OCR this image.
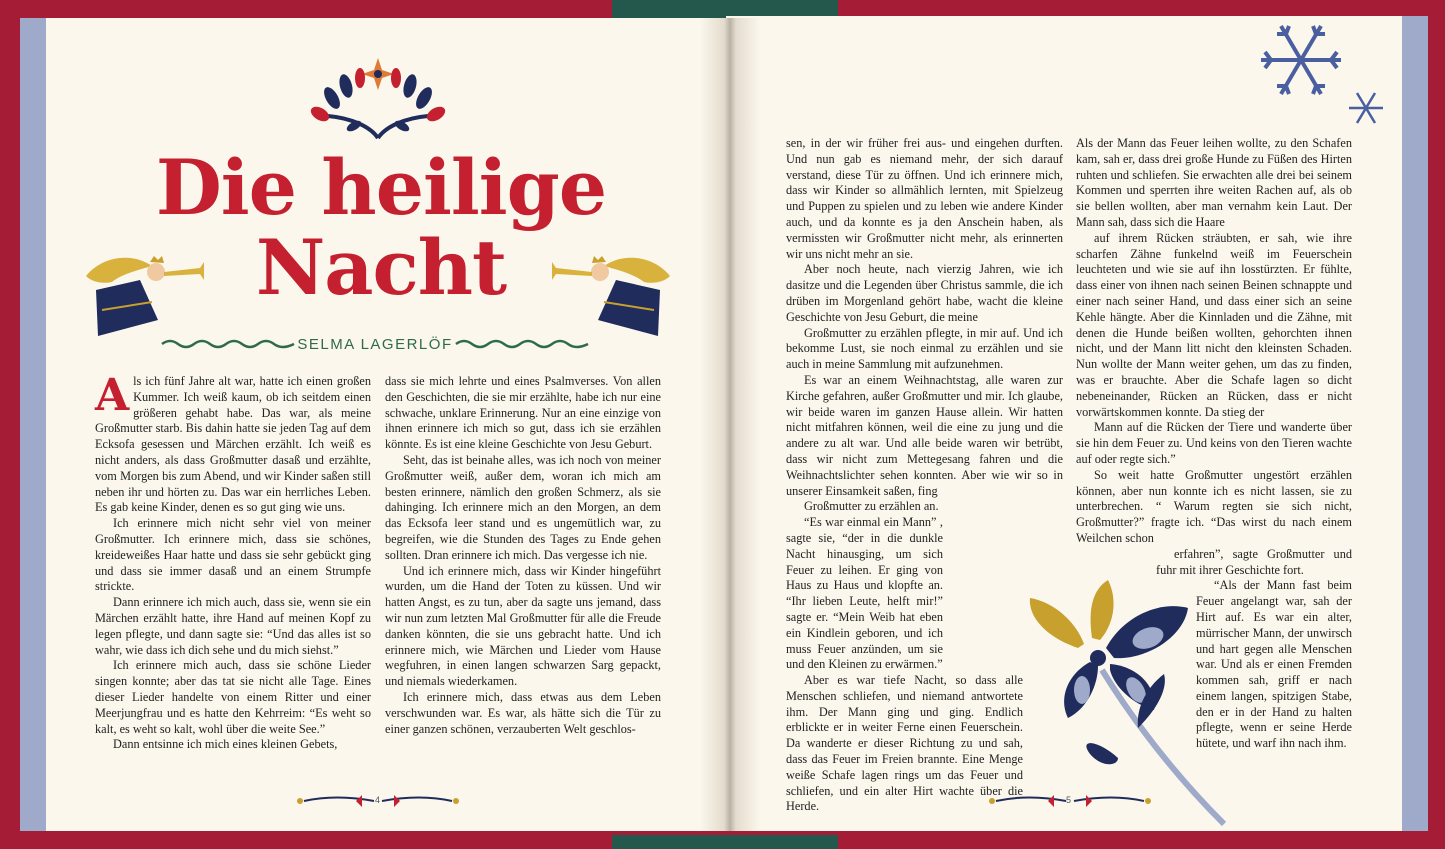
Die heilige
Nacht
SELMA LAGERLÖF

Als ich fünf Jahre alt war, hatte ich einen großen Kummer. Ich weiß kaum, ob ich seitdem einen größeren gehabt habe. Das war, als meine Großmutter starb. Bis dahin hatte sie jeden Tag auf dem Ecksofa gesessen und Märchen erzählt. Ich weiß es nicht anders, als dass Großmutter dasaß und erzählte, vom Morgen bis zum Abend, und wir Kinder saßen still neben ihr und hörten zu. Das war ein herrliches Leben. Es gab keine Kinder, denen es so gut ging wie uns.

Ich erinnere mich nicht sehr viel von meiner Großmutter. Ich erinnere mich, dass sie schönes, kreideweißes Haar hatte und dass sie sehr gebückt ging und dass sie immer dasaß und an einem Strumpfe strickte.

Dann erinnere ich mich auch, dass sie, wenn sie ein Märchen erzählt hatte, ihre Hand auf meinen Kopf zu legen pflegte, und dann sagte sie: “Und das alles ist so wahr, wie dass ich dich sehe und du mich siehst.”

Ich erinnere mich auch, dass sie schöne Lieder singen konnte; aber das tat sie nicht alle Tage. Eines dieser Lieder handelte von einem Ritter und einer Meerjungfrau und es hatte den Kehrreim: “Es weht so kalt, es weht so kalt, wohl über die weite See.”

Dann entsinne ich mich eines kleinen Gebets,

dass sie mich lehrte und eines Psalmverses. Von allen den Geschichten, die sie mir erzählte, habe ich nur eine schwache, unklare Erinnerung. Nur an eine einzige von ihnen erinnere ich mich so gut, dass ich sie erzählen könnte. Es ist eine kleine Geschichte von Jesu Geburt.

Seht, das ist beinahe alles, was ich noch von meiner Großmutter weiß, außer dem, woran ich mich am besten erinnere, nämlich den großen Schmerz, als sie dahinging. Ich erinnere mich an den Morgen, an dem das Ecksofa leer stand und es ungemütlich war, zu begreifen, wie die Stunden des Tages zu Ende gehen sollten. Dran erinnere ich mich. Das vergesse ich nie.

Und ich erinnere mich, dass wir Kinder hingeführt wurden, um die Hand der Toten zu küssen. Und wir hatten Angst, es zu tun, aber da sagte uns jemand, dass wir nun zum letzten Mal Großmutter für alle die Freude danken könnten, die sie uns gebracht hatte. Und ich erinnere mich, wie Märchen und Lieder vom Hause wegfuhren, in einen langen schwarzen Sarg gepackt, und niemals wiederkamen.

Ich erinnere mich, dass etwas aus dem Leben verschwunden war. Es war, als hätte sich die Tür zu einer ganzen schönen, verzauberten Welt geschlos-

sen, in der wir früher frei aus- und eingehen durften. Und nun gab es niemand mehr, der sich darauf verstand, diese Tür zu öffnen. Und ich erinnere mich, dass wir Kinder so allmählich lernten, mit Spielzeug und Puppen zu spielen und zu leben wie andere Kinder auch, und da konnte es ja den Anschein haben, als vermissten wir Großmutter nicht mehr, als erinnerten wir uns nicht mehr an sie.

Aber noch heute, nach vierzig Jahren, wie ich dasitze und die Legenden über Christus sammle, die ich drüben im Morgenland gehört habe, wacht die kleine Geschichte von Jesu Geburt, die meine

Großmutter zu erzählen pflegte, in mir auf. Und ich bekomme Lust, sie noch einmal zu erzählen und sie auch in meine Sammlung mit aufzunehmen.

Es war an einem Weihnachtstag, alle waren zur Kirche gefahren, außer Großmutter und mir. Ich glaube, wir beide waren im ganzen Hause allein. Wir hatten nicht mitfahren können, weil die eine zu jung und die andere zu alt war. Und alle beide waren wir betrübt, dass wir nicht zum Mettegesang fahren und die Weihnachtslichter sehen konnten. Aber wie wir so in unserer Einsamkeit saßen, fing

Großmutter zu erzählen an.

“Es war einmal ein Mann” , sagte sie, “der in die dunkle Nacht hinausging, um sich Feuer zu leihen. Er ging von Haus zu Haus und klopfte an. “Ihr lieben Leute, helft mir!” sagte er. “Mein Weib hat eben ein Kindlein geboren, und ich muss Feuer anzünden, um sie und den Kleinen zu erwärmen.”

Aber es war tiefe Nacht, so dass alle Menschen schliefen, und niemand antwortete ihm. Der Mann ging und ging. Endlich erblickte er in weiter Ferne einen Feuerschein. Da wanderte er dieser Richtung zu und sah, dass das Feuer im Freien brannte. Eine Menge weiße Schafe lagen rings um das Feuer und schliefen, und ein alter Hirt wachte über die Herde.

Als der Mann das Feuer leihen wollte, zu den Schafen kam, sah er, dass drei große Hunde zu Füßen des Hirten ruhten und schliefen. Sie erwachten alle drei bei seinem Kommen und sperrten ihre weiten Rachen auf, als ob sie bellen wollten, aber man vernahm kein Laut. Der Mann sah, dass sich die Haare

auf ihrem Rücken sträubten, er sah, wie ihre scharfen Zähne funkelnd weiß im Feuerschein leuchteten und wie sie auf ihn losstürzten. Er fühlte, dass einer von ihnen nach seinen Beinen schnappte und einer nach seiner Hand, und dass einer sich an seine Kehle hängte. Aber die Kinnladen und die Zähne, mit denen die Hunde beißen wollten, gehorchten ihnen nicht, und der Mann litt nicht den kleinsten Schaden. Nun wollte der Mann weiter gehen, um das zu finden, was er brauchte. Aber die Schafe lagen so dicht nebeneinander, Rücken an Rücken, dass er nicht vorwärtskommen konnte. Da stieg der

Mann auf die Rücken der Tiere und wanderte über sie hin dem Feuer zu. Und keins von den Tieren wachte auf oder regte sich.”

So weit hatte Großmutter ungestört erzählen können, aber nun konnte ich es nicht lassen, sie zu unterbrechen. “ Warum regten sie sich nicht, Großmutter?” fragte ich. “Das wirst du nach einem Weilchen schon

erfahren”, sagte Großmutter und fuhr mit ihrer Geschichte fort.

“Als der Mann fast beim Feuer angelangt war, sah der Hirt auf. Es war ein alter, mürrischer Mann, der unwirsch und hart gegen alle Menschen war. Und als er einen Fremden kommen sah, griff er nach einem langen, spitzigen Stabe, den er in der Hand zu halten pflegte, wenn er seine Herde hütete, und warf ihn nach ihm.

4	5
